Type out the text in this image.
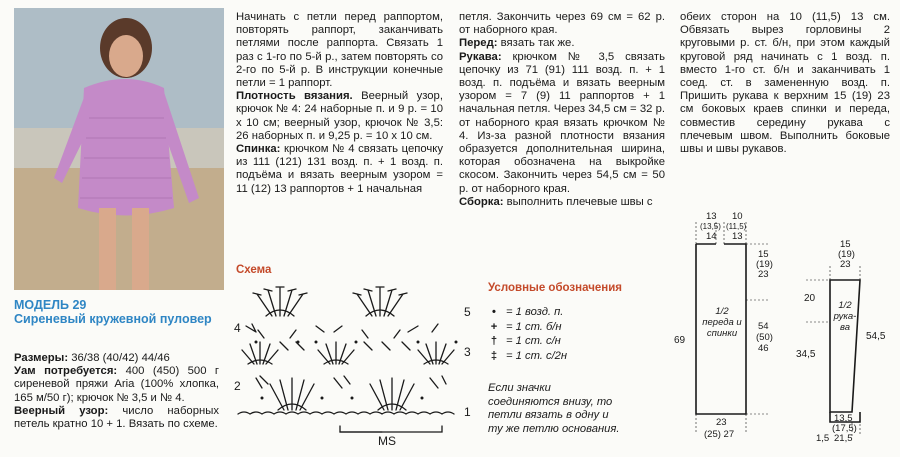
МОДЕЛЬ 29
Сиреневый кружевной пуловер

Размеры: 36/38 (40/42) 44/46

Уам потребуется: 400 (450) 500 г сиреневой пряжи Aria (100% хлопка, 165 м/50 г); крючок № 3,5 и № 4.

Веерный узор: число наборных петель кратно 10 + 1. Вязать по схеме.

Начинать с петли перед раппортом, повторять раппорт, заканчивать петлями после раппорта. Связать 1 раз с 1-го по 5-й р., затем повторять со 2-го по 5-й р. В инструкции конечные петли = 1 раппорт.

Плотность вязания. Веерный узор, крючок № 4: 24 наборные п. и 9 р. = 10 х 10 см; веерный узор, крючок № 3,5: 26 наборных п. и 9,25 р. = 10 х 10 см.

Спинка: крючком № 4 связать цепочку из 111 (121) 131 возд. п. + 1 возд. п. подъёма и вязать веерным узором = 11 (12) 13 раппортов + 1 начальная

петля. Закончить через 69 см = 62 р. от наборного края.

Перед: вязать так же.

Рукава: крючком № 3,5 связать цепочку из 71 (91) 111 возд. п. + 1 возд. п. подъёма и вязать веерным узором = 7 (9) 11 раппортов + 1 начальная петля. Через 34,5 см = 32 р. от наборного края вязать крючком № 4. Из-за разной плотности вязания образуется дополнительная ширина, которая обозначена на выкройке скосом. Закончить через 54,5 см = 50 р. от наборного края.

Сборка: выполнить плечевые швы с

обеих сторон на 10 (11,5) 13 см. Обвязать вырез горловины 2 круговыми р. ст. б/н, при этом каждый круговой ряд начинать с 1 возд. п. вместо 1-го ст. б/н и заканчивать 1 соед. ст. в замененную возд. п. Пришить рукава к верхним 15 (19) 23 см боковых краев спинки и переда, совместив середину рукава с плечевым швом. Выполнить боковые швы и швы рукавов.

Схема
5
4
3
2
1
MS
Условные обозначения
• = 1 возд. п.
+ = 1 ст. б/н
† = 1 ст. с/н
‡ = 1 ст. с/2н
Если значки соединяются внизу, то петли вязать в одну и ту же петлю основания.
13
(13,5)
14
10
(11,5)
13
15
(19)
23
69
54
(50)
46
1/2 переда и спинки
23
(25) 27
15
(19)
23
20
34,5
54,5
1/2 рука- ва
13,5
(17,5)
21,5
1,5
